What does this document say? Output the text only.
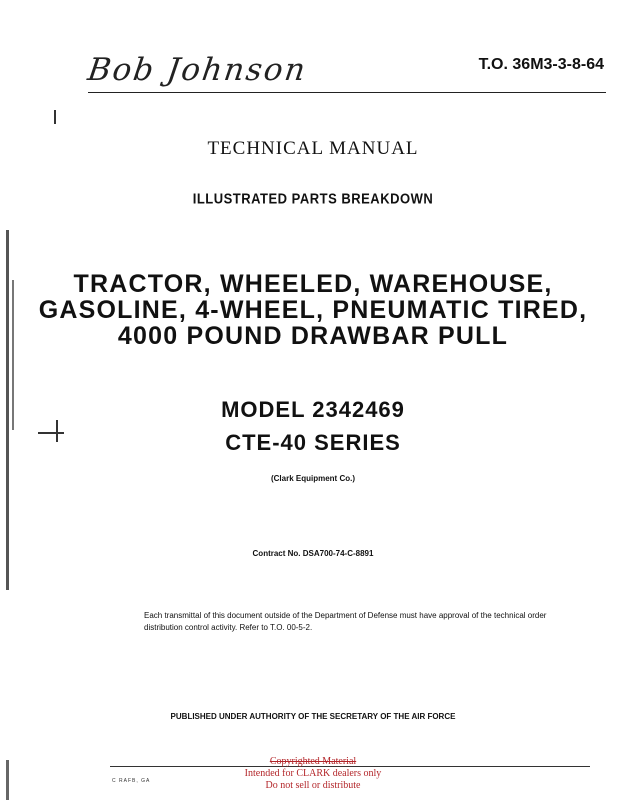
Bob Johnson	T.O. 36M3-3-8-64
TECHNICAL MANUAL
ILLUSTRATED PARTS BREAKDOWN
TRACTOR, WHEELED, WAREHOUSE,
GASOLINE, 4-WHEEL, PNEUMATIC TIRED,
4000 POUND DRAWBAR PULL
MODEL 2342469
CTE-40 SERIES
(Clark Equipment Co.)
Contract No. DSA700-74-C-8891
Each transmittal of this document outside of the Department of Defense must have approval of the technical order distribution control activity. Refer to T.O. 00-5-2.
PUBLISHED UNDER AUTHORITY OF THE SECRETARY OF THE AIR FORCE
C RAFB, GA
Copyrighted Material
Intended for CLARK dealers only
Do not sell or distribute
